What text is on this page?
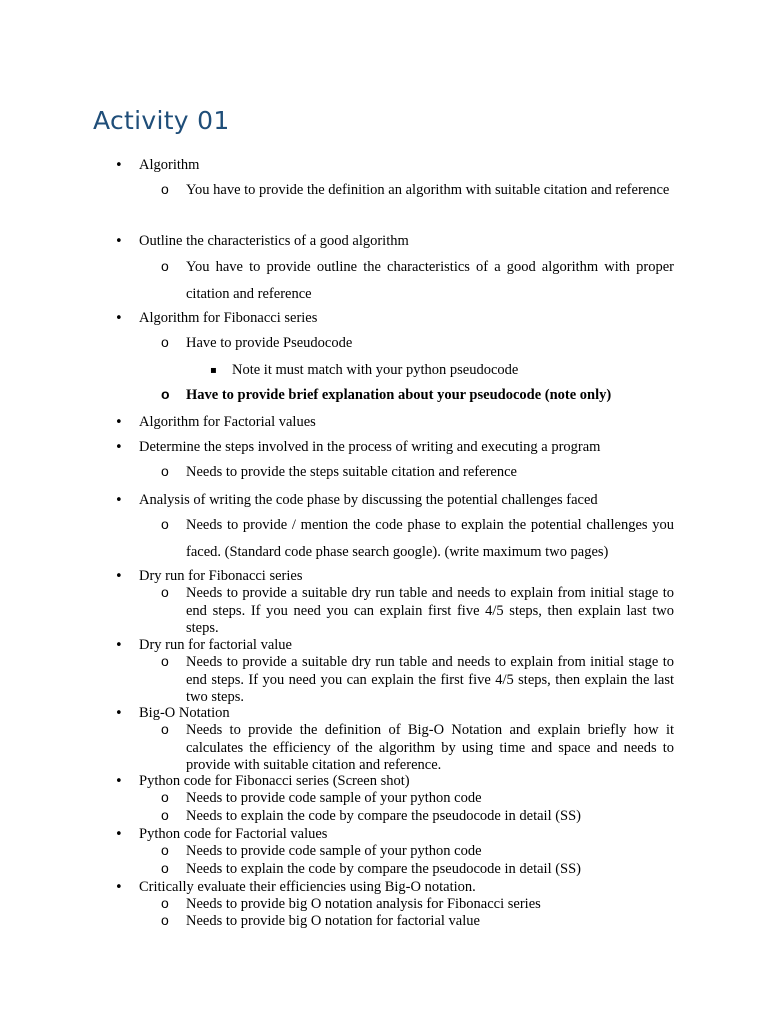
Activity 01
• Algorithm
o You have to provide the definition an algorithm with suitable citation and reference
• Outline the characteristics of a good algorithm
o You have to provide outline the characteristics of a good algorithm with proper citation and reference
• Algorithm for Fibonacci series
o Have to provide Pseudocode
▪ Note it must match with your python pseudocode
o Have to provide brief explanation about your pseudocode (note only)
• Algorithm for Factorial values
• Determine the steps involved in the process of writing and executing a program
o Needs to provide the steps suitable citation and reference
• Analysis of writing the code phase by discussing the potential challenges faced
o Needs to provide / mention the code phase to explain the potential challenges you faced. (Standard code phase search google). (write maximum two pages)
• Dry run for Fibonacci series
o Needs to provide a suitable dry run table and needs to explain from initial stage to end steps. If you need you can explain first five 4/5 steps, then explain last two steps.
• Dry run for factorial value
o Needs to provide a suitable dry run table and needs to explain from initial stage to end steps. If you need you can explain the first five 4/5 steps, then explain the last two steps.
• Big-O Notation
o Needs to provide the definition of Big-O Notation and explain briefly how it calculates the efficiency of the algorithm by using time and space and needs to provide with suitable citation and reference.
• Python code for Fibonacci series (Screen shot)
o Needs to provide code sample of your python code
o Needs to explain the code by compare the pseudocode in detail (SS)
• Python code for Factorial values
o Needs to provide code sample of your python code
o Needs to explain the code by compare the pseudocode in detail (SS)
• Critically evaluate their efficiencies using Big-O notation.
o Needs to provide big O notation analysis for Fibonacci series
o Needs to provide big O notation for factorial value
